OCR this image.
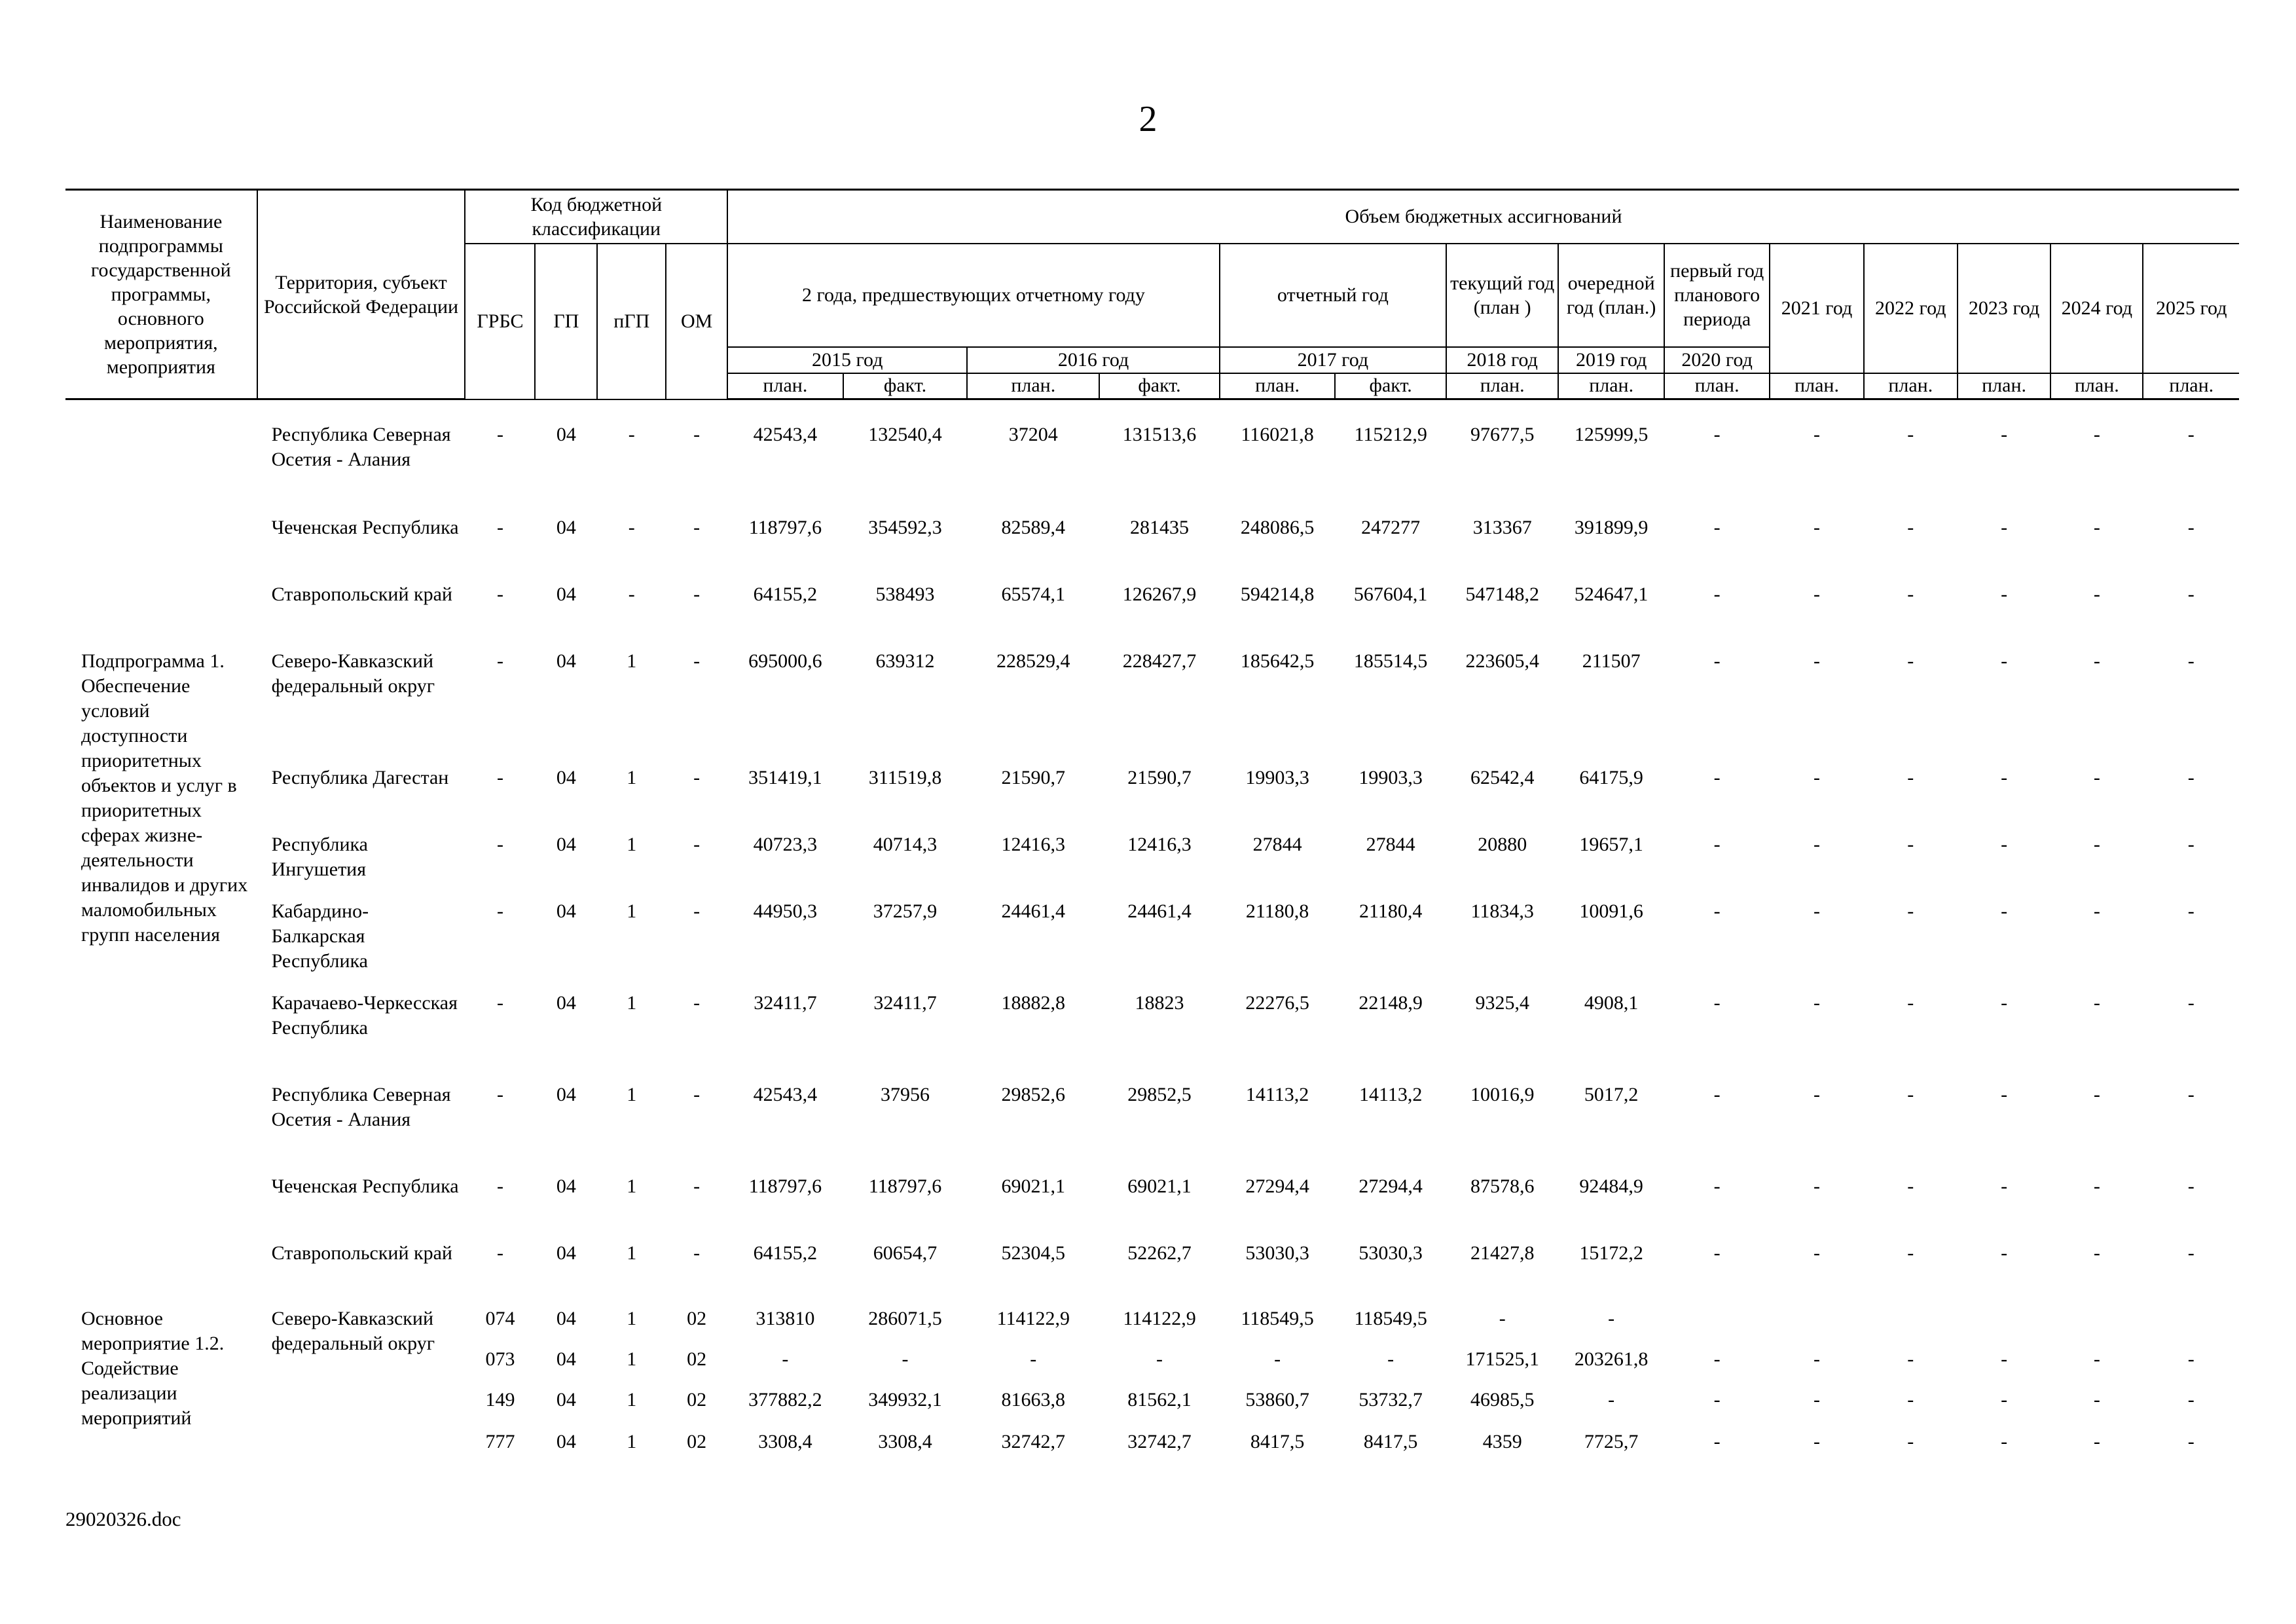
2
Наименование подпрограммы государственной программы, основного мероприятия, мероприятия	Территория, субъект Российской Федерации	Код бюджетной классификации				Объем бюджетных ассигнований													
		ГРБС	ГП	пГП	ОМ	2 года, предшествующих отчетному году				отчетный год		текущий год (план )	очередной год (план.)	первый год планового периода	2021 год	2022 год	2023 год	2024 год	2025 год
						2015 год		2016 год		2017 год		2018 год	2019 год	2020 год					
						план.	факт.	план.	факт.	план.	факт.	план.	план.	план.	план.	план.	план.	план.	план.

	Республика Северная Осетия - Алания	-	04	-	-	42543,4	132540,4	37204	131513,6	116021,8	115212,9	97677,5	125999,5	-	-	-	-	-	-
	Чеченская Республика	-	04	-	-	118797,6	354592,3	82589,4	281435	248086,5	247277	313367	391899,9	-	-	-	-	-	-
	Ставропольский край	-	04	-	-	64155,2	538493	65574,1	126267,9	594214,8	567604,1	547148,2	524647,1	-	-	-	-	-	-
Подпрограмма 1. Обеспечение условий доступности приоритетных объектов и услуг в приоритетных сферах жизне-деятельности инвалидов и других маломобильных групп населения	Северо-Кавказский федеральный округ	-	04	1	-	695000,6	639312	228529,4	228427,7	185642,5	185514,5	223605,4	211507	-	-	-	-	-	-
	Республика Дагестан	-	04	1	-	351419,1	311519,8	21590,7	21590,7	19903,3	19903,3	62542,4	64175,9	-	-	-	-	-	-
	Республика Ингушетия	-	04	1	-	40723,3	40714,3	12416,3	12416,3	27844	27844	20880	19657,1	-	-	-	-	-	-
	Кабардино-Балкарская Республика	-	04	1	-	44950,3	37257,9	24461,4	24461,4	21180,8	21180,4	11834,3	10091,6	-	-	-	-	-	-
	Карачаево-Черкесская Республика	-	04	1	-	32411,7	32411,7	18882,8	18823	22276,5	22148,9	9325,4	4908,1	-	-	-	-	-	-
	Республика Северная Осетия - Алания	-	04	1	-	42543,4	37956	29852,6	29852,5	14113,2	14113,2	10016,9	5017,2	-	-	-	-	-	-
	Чеченская Республика	-	04	1	-	118797,6	118797,6	69021,1	69021,1	27294,4	27294,4	87578,6	92484,9	-	-	-	-	-	-
	Ставропольский край	-	04	1	-	64155,2	60654,7	52304,5	52262,7	53030,3	53030,3	21427,8	15172,2	-	-	-	-	-	-
Основное мероприятие 1.2. Содействие реализации мероприятий	Северо-Кавказский федеральный округ	074	04	1	02	313810	286071,5	114122,9	114122,9	118549,5	118549,5	-	-						
		073	04	1	02	-	-	-	-	-	-	171525,1	203261,8	-	-	-	-	-	-
		149	04	1	02	377882,2	349932,1	81663,8	81562,1	53860,7	53732,7	46985,5	-	-	-	-	-	-	-
		777	04	1	02	3308,4	3308,4	32742,7	32742,7	8417,5	8417,5	4359	7725,7	-	-	-	-	-	-
29020326.doc
